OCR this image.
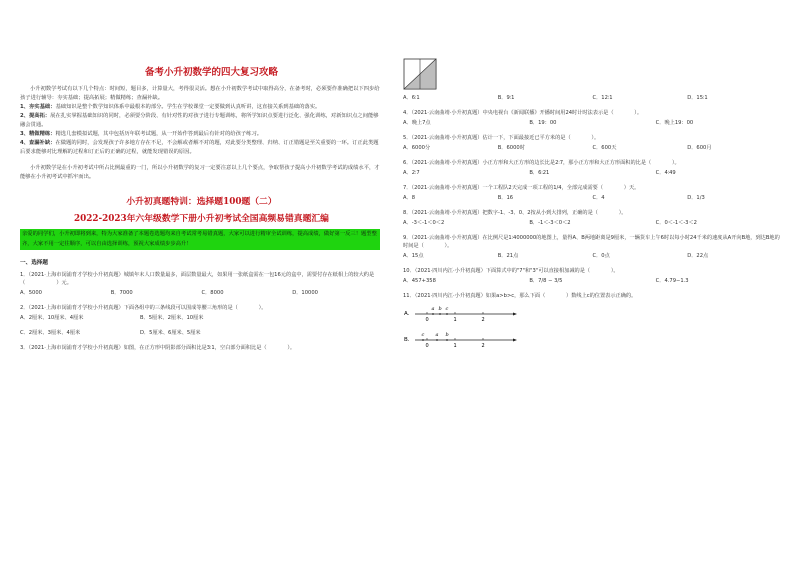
备考小升初数学的四大复习攻略

小升初数学考试有以下几个特点：时间短，题目多，计算量大，考得很灵活。想在小升初数学考试中取得高分，在备考时，必须要作准确把以下四步给孩子进行辅导：夯实基础；提高拓展；精做精练；查漏补缺。

1、夯实基础：基础知识是整个数学知识体系中最根本的部分。学生在学校课堂一定要做到认真听讲，这直接关系到基础的落实。

2、提高拓：展在扎实掌握基础知识的同时，必须要分阶段、有针对性的对孩子进行专题训练，将所学知识点要进行泛化、强化训练，对新知识点之间能够融会贯通。

3、精做精练：精选几套模拟试题，其中包括历年联考试题，从一开始作答到最后有针对的给孩子练习。

4、查漏补缺：在做题的同时，会发现孩子许多地方存在不足，不会解或者解不对的题，对此要分类整理、归纳、订正错题是至关重要的一环。订正此类题后要求能够对比理解的过程和订正后的正确的过程，就能发现错误的原因。

小升初数学是在小升初考试中所占比例最重的一门，所以小升初数学的复习一定要注意以上几个要点，争取帮孩子提高小升初数学考试的成绩水平，才能够在小升初考试中抓牢而出。

小升初真题特训：选择题100题（二）
2022-2023年六年级数学下册小升初考试全国高频易错真题汇编
亲爱的同学们，小升初即将到来，特为大家准备了本题卷选题均来自考试常考易错真题，大家可以进行精审全试训练，提高成绩，做好第一反三！题型整齐，大家不用一定往顺序，可以自由选择训练，预祝大家成绩步步高升！
一、选择题

1．（2021·上海市闵浦育才学校小升初真题）城镇年末人口数量最多，面层数量最大，如果用一张纸盒需在一包16元的盒中，需要付存在纸相上的较大约是（　　　　　　）元。

A．5000	B．7000	C．8000	D．10000

2．（2021·上海市闵浦育才学校小升初真题）下面各组中的三条线段可以围成等腰三角形的是（　　　　）。

A．2厘米、10厘米、4厘米	B．5厘米、2厘米、10厘米
C．2厘米、3厘米、4厘米	D．5厘米、6厘米、5厘米

3．（2021·上海市闵浦育才学校小升初真题）如图，在正方形中阴影部分面积比是3∶1，空白部分面积比是（　　　　）。

A．6∶1	B．9∶1	C．12∶1	D．15∶1

4．（2021·云南曲靖·小升初真题）中央电视台《新闻联播》开播时间用24时计时法表示是（　　　　）。

A．晚上7点	B．19：00	C．晚上19：00

5．（2021·云南曲靖·小升初真题）估计一下，下面最接近已平方米的是（　　　　）。

A．6000分	B．6000时	C．600天	D．600月

6．（2021·云南曲靖·小升初真题）小正方形和大正方形的边长比是2∶7，那小正方形和大正方形面积的比是（　　　　）。

A．2∶7	B．6∶21	C．4∶49

7．（2021·云南曲靖·小升初真题）一个工程队2天完成一项工程的1/4，全部完成需要（　　　　）天。

A．8	B．16	C．4	D．1/3

8．（2021·云南曲靖·小升初真题）把数字-1、-3、0、2按从小到大排列，正确的是（　　　　）。

A．-3＜-1＜0＜2	B．-1＜-3＜0＜2	C．0＜-1＜-3＜2

9．（2021·云南曲靖·小升初真题）在比例尺是1∶4000000的地图上，量得A、B两地距离是9厘米，一辆货车上午6时以每小时24千米的速度从A开向B地，到达B地的时间是（　　　　）。

A．15点	B．21点	C．0点	D．22点

10．（2021·四川内江·小升初真题）下面算式中的"7"和"3"可以直接相加减的是（　　　　）。

A．457+358	B．7/8 − 3/5	C．4.79−1.3

11．（2021·四川内江·小升初真题）如果a>b>c，那么下面（　　　　）数线上c的位置表示正确的。

A．
a b c
0	1	2
B．
c a b
0	1	2
